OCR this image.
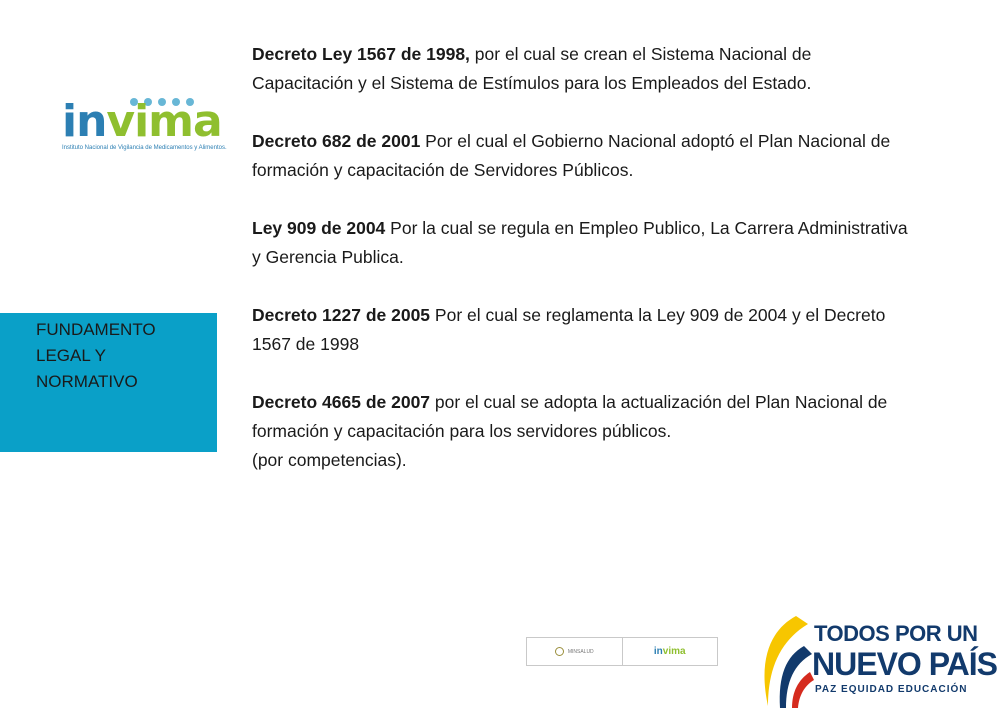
invima
Instituto Nacional de Vigilancia de Medicamentos y Alimentos.
FUNDAMENTO LEGAL Y NORMATIVO

Decreto Ley 1567 de 1998, por el cual se crean el Sistema Nacional de Capacitación y el Sistema de Estímulos para los Empleados del Estado.

Decreto 682 de 2001 Por el cual el Gobierno Nacional adoptó el Plan Nacional de formación y capacitación de Servidores Públicos.

Ley 909 de 2004 Por la cual se regula en Empleo Publico, La Carrera Administrativa y Gerencia Publica.

Decreto 1227 de 2005 Por el cual se reglamenta la Ley 909 de 2004 y el Decreto 1567 de 1998

Decreto 4665 de 2007 por el cual se adopta la actualización del Plan Nacional de formación y capacitación para los servidores públicos.
(por competencias).

MINSALUD	invima
TODOS POR UN
NUEVO PAÍS
PAZ EQUIDAD EDUCACIÓN
